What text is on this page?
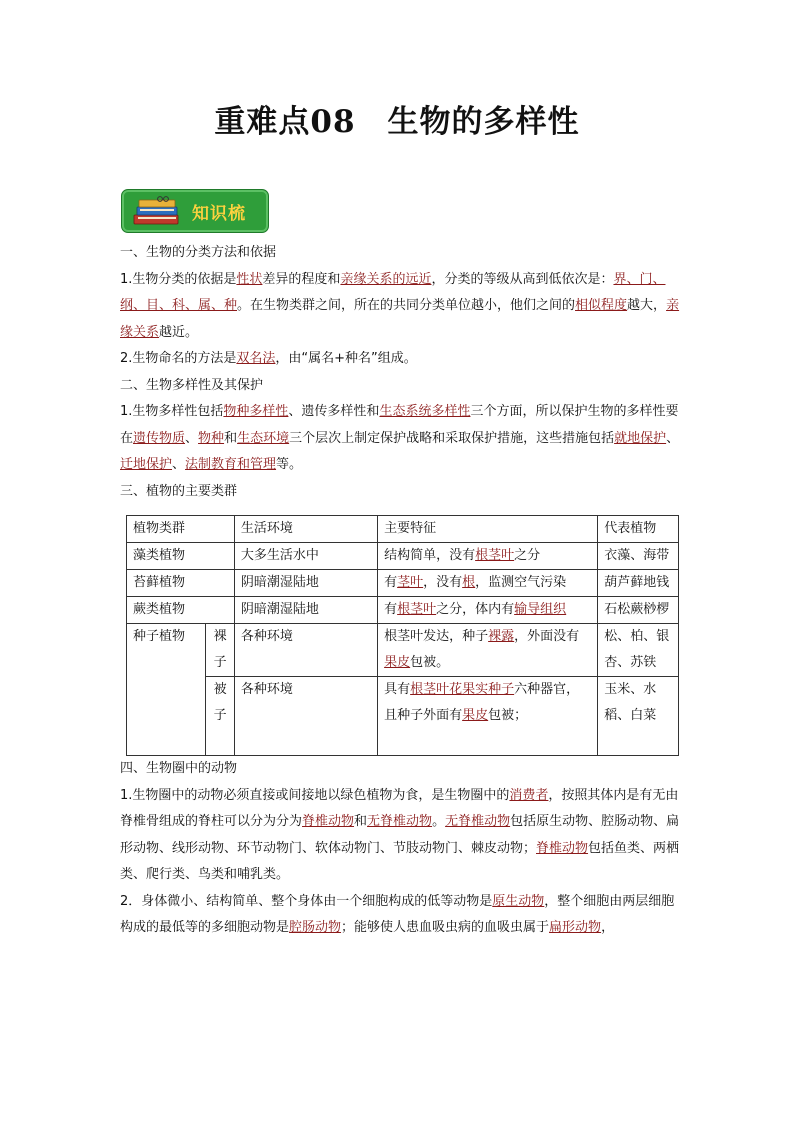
重难点08　生物的多样性
知识梳

一、生物的分类方法和依据

1.生物分类的依据是性状差异的程度和亲缘关系的远近，分类的等级从高到低依次是：界、门、纲、目、科、属、种。在生物类群之间，所在的共同分类单位越小，他们之间的相似程度越大，亲缘关系越近。

2.生物命名的方法是双名法，由“属名+种名”组成。

二、生物多样性及其保护

1.生物多样性包括物种多样性、遗传多样性和生态系统多样性三个方面，所以保护生物的多样性要在遗传物质、物种和生态环境三个层次上制定保护战略和采取保护措施，这些措施包括就地保护、迁地保护、法制教育和管理等。

三、植物的主要类群

植物类群		生活环境	主要特征	代表植物
藻类植物		大多生活水中	结构简单，没有根茎叶之分	衣藻、海带
苔藓植物		阴暗潮湿陆地	有茎叶，没有根，监测空气污染	葫芦藓地钱
蕨类植物		阴暗潮湿陆地	有根茎叶之分，体内有输导组织	石松蕨桫椤
种子植物	裸子	各种环境	根茎叶发达，种子裸露，外面没有果皮包被。	松、柏、银杏、苏铁
	被子	各种环境	具有根茎叶花果实种子六种器官，且种子外面有果皮包被；	玉米、水稻、白菜

四、生物圈中的动物

1.生物圈中的动物必须直接或间接地以绿色植物为食，是生物圈中的消费者，按照其体内是有无由脊椎骨组成的脊柱可以分为分为脊椎动物和无脊椎动物。无脊椎动物包括原生动物、腔肠动物、扁形动物、线形动物、环节动物门、软体动物门、节肢动物门、棘皮动物；脊椎动物包括鱼类、两栖类、爬行类、鸟类和哺乳类。

2．身体微小、结构简单、整个身体由一个细胞构成的低等动物是原生动物，整个细胞由两层细胞构成的最低等的多细胞动物是腔肠动物；能够使人患血吸虫病的血吸虫属于扁形动物，
